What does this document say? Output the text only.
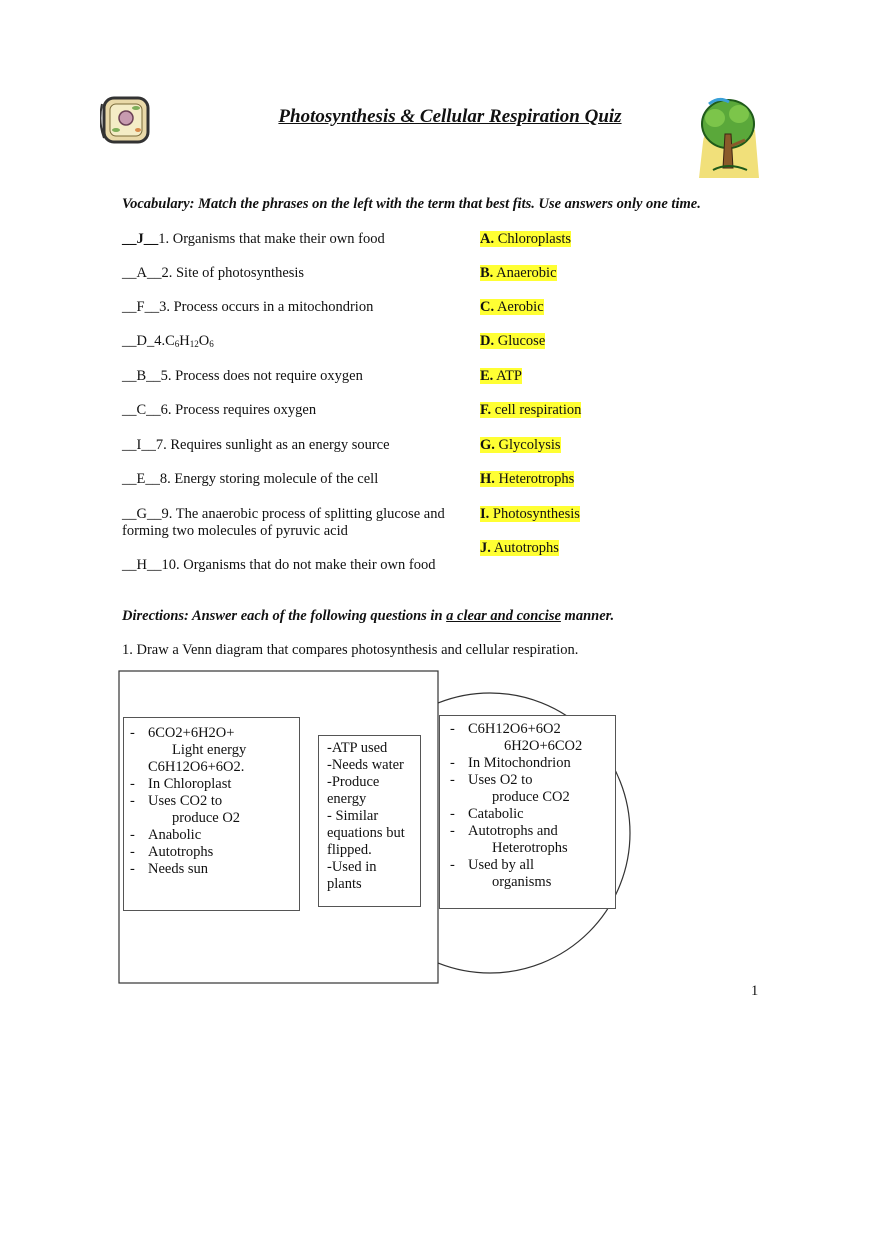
Photosynthesis & Cellular Respiration Quiz
Vocabulary: Match the phrases on the left with the term that best fits. Use answers only one time.
__J__1. Organisms that make their own food
__A__2. Site of photosynthesis
__F__3. Process occurs in a mitochondrion
$\_\_D\_4.C_6H_{12}O_6$
__B__5. Process does not require oxygen
__C__6. Process requires oxygen
__I__7. Requires sunlight as an energy source
__E__8. Energy storing molecule of the cell
__G__9. The anaerobic process of splitting glucose and forming two molecules of pyruvic acid
__H__10. Organisms that do not make their own food
A. Chloroplasts
B. Anaerobic
C. Aerobic
D. Glucose
E. ATP
F. cell respiration
G. Glycolysis
H. Heterotrophs
I. Photosynthesis
J. Autotrophs
Directions: Answer each of the following questions in a clear and concise manner.
1. Draw a Venn diagram that compares photosynthesis and cellular respiration.
- 6CO2+6H2O+
Light energy
C6H12O6+6O2.
- In Chloroplast
- Uses CO2 to
produce O2
- Anabolic
- Autotrophs
- Needs sun
-ATP used
-Needs water
-Produce
energy
- Similar
equations but
flipped.
-Used in
plants
- C6H12O6+6O2
6H2O+6CO2
- In Mitochondrion
- Uses O2 to
produce CO2
- Catabolic
- Autotrophs and
Heterotrophs
- Used by all
organisms
1
